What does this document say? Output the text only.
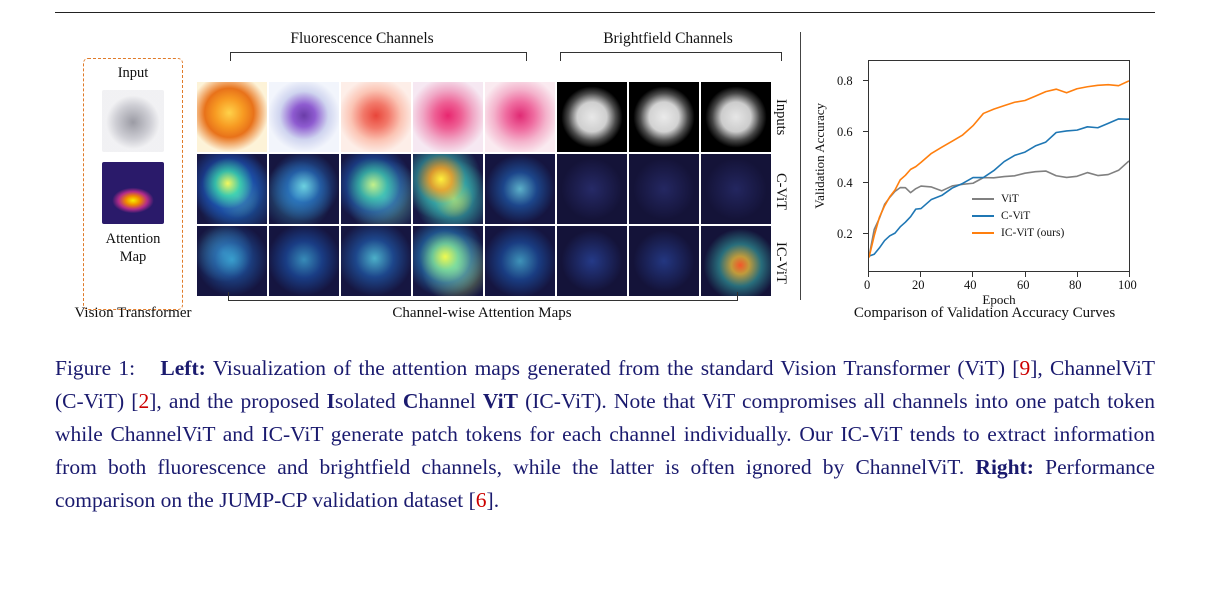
Fluorescence Channels	Brightfield Channels
Input
Attention
Map
Inputs
C-ViT
IC-ViT
Vision Transformer	Channel-wise Attention Maps	Comparison of Validation Accuracy Curves
Validation Accuracy
0.8
0.6
0.4
0.2
0	20	40	60	80	100
Epoch
ViT
C-ViT
IC-ViT (ours)
Figure 1: Left: Visualization of the attention maps generated from the standard Vision Transformer (ViT) [9], ChannelViT (C-ViT) [2], and the proposed Isolated Channel ViT (IC-ViT). Note that ViT compromises all channels into one patch token while ChannelViT and IC-ViT generate patch tokens for each channel individually. Our IC-ViT tends to extract information from both fluorescence and brightfield channels, while the latter is often ignored by ChannelViT. Right: Performance comparison on the JUMP-CP validation dataset [6].
